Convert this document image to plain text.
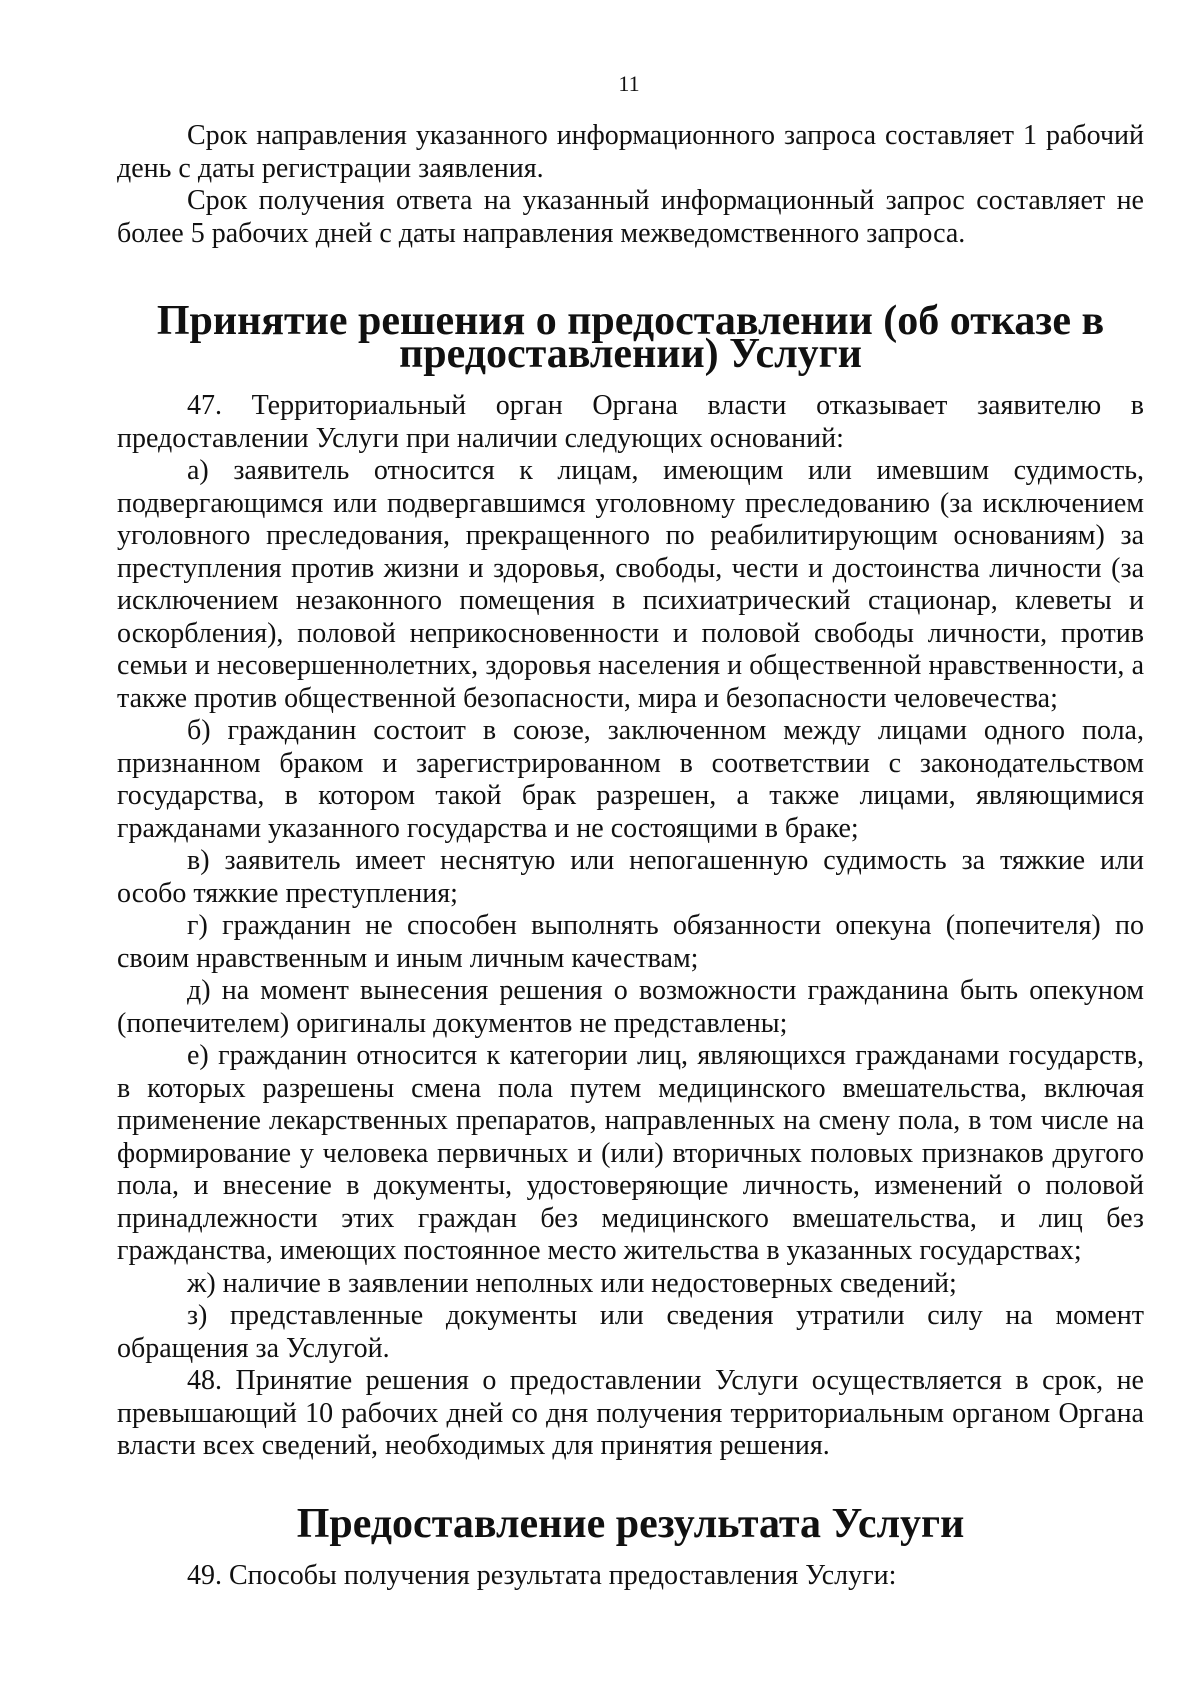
11

Срок направления указанного информационного запроса составляет 1 рабочий день с даты регистрации заявления.

Срок получения ответа на указанный информационный запрос составляет не более 5 рабочих дней с даты направления межведомственного запроса.

Принятие решения о предоставлении (об отказе в предоставлении) Услуги

47. Территориальный орган Органа власти отказывает заявителю в предоставлении Услуги при наличии следующих оснований:

а) заявитель относится к лицам, имеющим или имевшим судимость, подвергающимся или подвергавшимся уголовному преследованию (за исключением уголовного преследования, прекращенного по реабилитирующим основаниям) за преступления против жизни и здоровья, свободы, чести и достоинства личности (за исключением незаконного помещения в психиатрический стационар, клеветы и оскорбления), половой неприкосновенности и половой свободы личности, против семьи и несовершеннолетних, здоровья населения и общественной нравственности, а также против общественной безопасности, мира и безопасности человечества;

б) гражданин состоит в союзе, заключенном между лицами одного пола, признанном браком и зарегистрированном в соответствии с законодательством государства, в котором такой брак разрешен, а также лицами, являющимися гражданами указанного государства и не состоящими в браке;

в) заявитель имеет неснятую или непогашенную судимость за тяжкие или особо тяжкие преступления;

г) гражданин не способен выполнять обязанности опекуна (попечителя) по своим нравственным и иным личным качествам;

д) на момент вынесения решения о возможности гражданина быть опекуном (попечителем) оригиналы документов не представлены;

е) гражданин относится к категории лиц, являющихся гражданами государств, в которых разрешены смена пола путем медицинского вмешательства, включая применение лекарственных препаратов, направленных на смену пола, в том числе на формирование у человека первичных и (или) вторичных половых признаков другого пола, и внесение в документы, удостоверяющие личность, изменений о половой принадлежности этих граждан без медицинского вмешательства, и лиц без гражданства, имеющих постоянное место жительства в указанных государствах;

ж) наличие в заявлении неполных или недостоверных сведений;

з) представленные документы или сведения утратили силу на момент обращения за Услугой.

48. Принятие решения о предоставлении Услуги осуществляется в срок, не превышающий 10 рабочих дней со дня получения территориальным органом Органа власти всех сведений, необходимых для принятия решения.

Предоставление результата Услуги

49. Способы получения результата предоставления Услуги:
